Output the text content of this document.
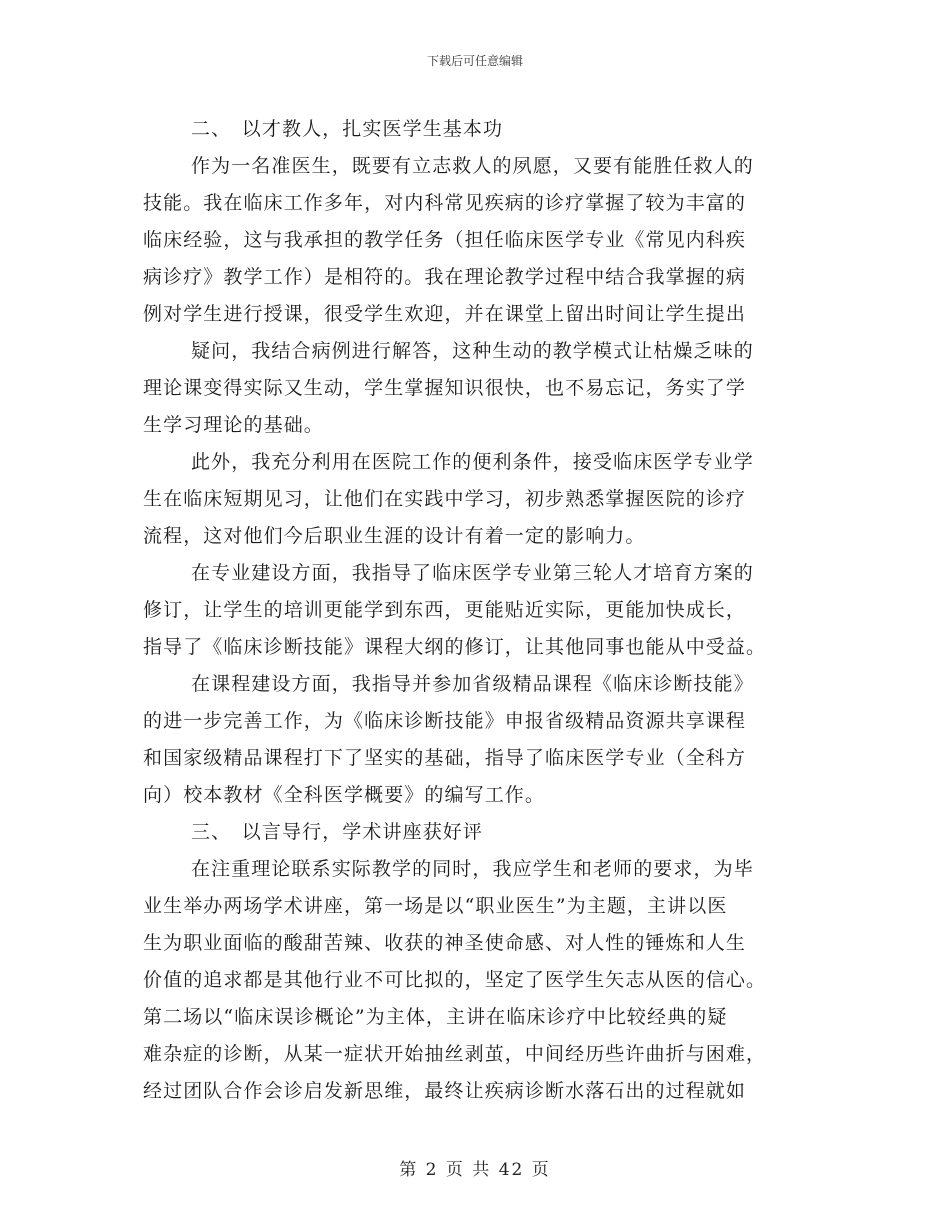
下载后可任意编辑
二、　以才教人，扎实医学生基本功
作为一名准医生，既要有立志救人的夙愿，又要有能胜任救人的
技能。我在临床工作多年，对内科常见疾病的诊疗掌握了较为丰富的
临床经验，这与我承担的教学任务（担任临床医学专业《常见内科疾
病诊疗》教学工作）是相符的。我在理论教学过程中结合我掌握的病
例对学生进行授课，很受学生欢迎，并在课堂上留出时间让学生提出
疑问，我结合病例进行解答，这种生动的教学模式让枯燥乏味的
理论课变得实际又生动，学生掌握知识很快，也不易忘记，务实了学
生学习理论的基础。
此外，我充分利用在医院工作的便利条件，接受临床医学专业学
生在临床短期见习，让他们在实践中学习，初步熟悉掌握医院的诊疗
流程，这对他们今后职业生涯的设计有着一定的影响力。
在专业建设方面，我指导了临床医学专业第三轮人才培育方案的
修订，让学生的培训更能学到东西，更能贴近实际，更能加快成长，
指导了《临床诊断技能》课程大纲的修订，让其他同事也能从中受益。
在课程建设方面，我指导并参加省级精品课程《临床诊断技能》
的进一步完善工作，为《临床诊断技能》申报省级精品资源共享课程
和国家级精品课程打下了坚实的基础，指导了临床医学专业（全科方
向）校本教材《全科医学概要》的编写工作。
三、　以言导行，学术讲座获好评
在注重理论联系实际教学的同时，我应学生和老师的要求，为毕
业生举办两场学术讲座，第一场是以“职业医生”为主题，主讲以医
生为职业面临的酸甜苦辣、收获的神圣使命感、对人性的锤炼和人生
价值的追求都是其他行业不可比拟的，坚定了医学生矢志从医的信心。
第二场以“临床误诊概论”为主体，主讲在临床诊疗中比较经典的疑
难杂症的诊断，从某一症状开始抽丝剥茧，中间经历些许曲折与困难，
经过团队合作会诊启发新思维，最终让疾病诊断水落石出的过程就如
第 2 页 共 42 页
